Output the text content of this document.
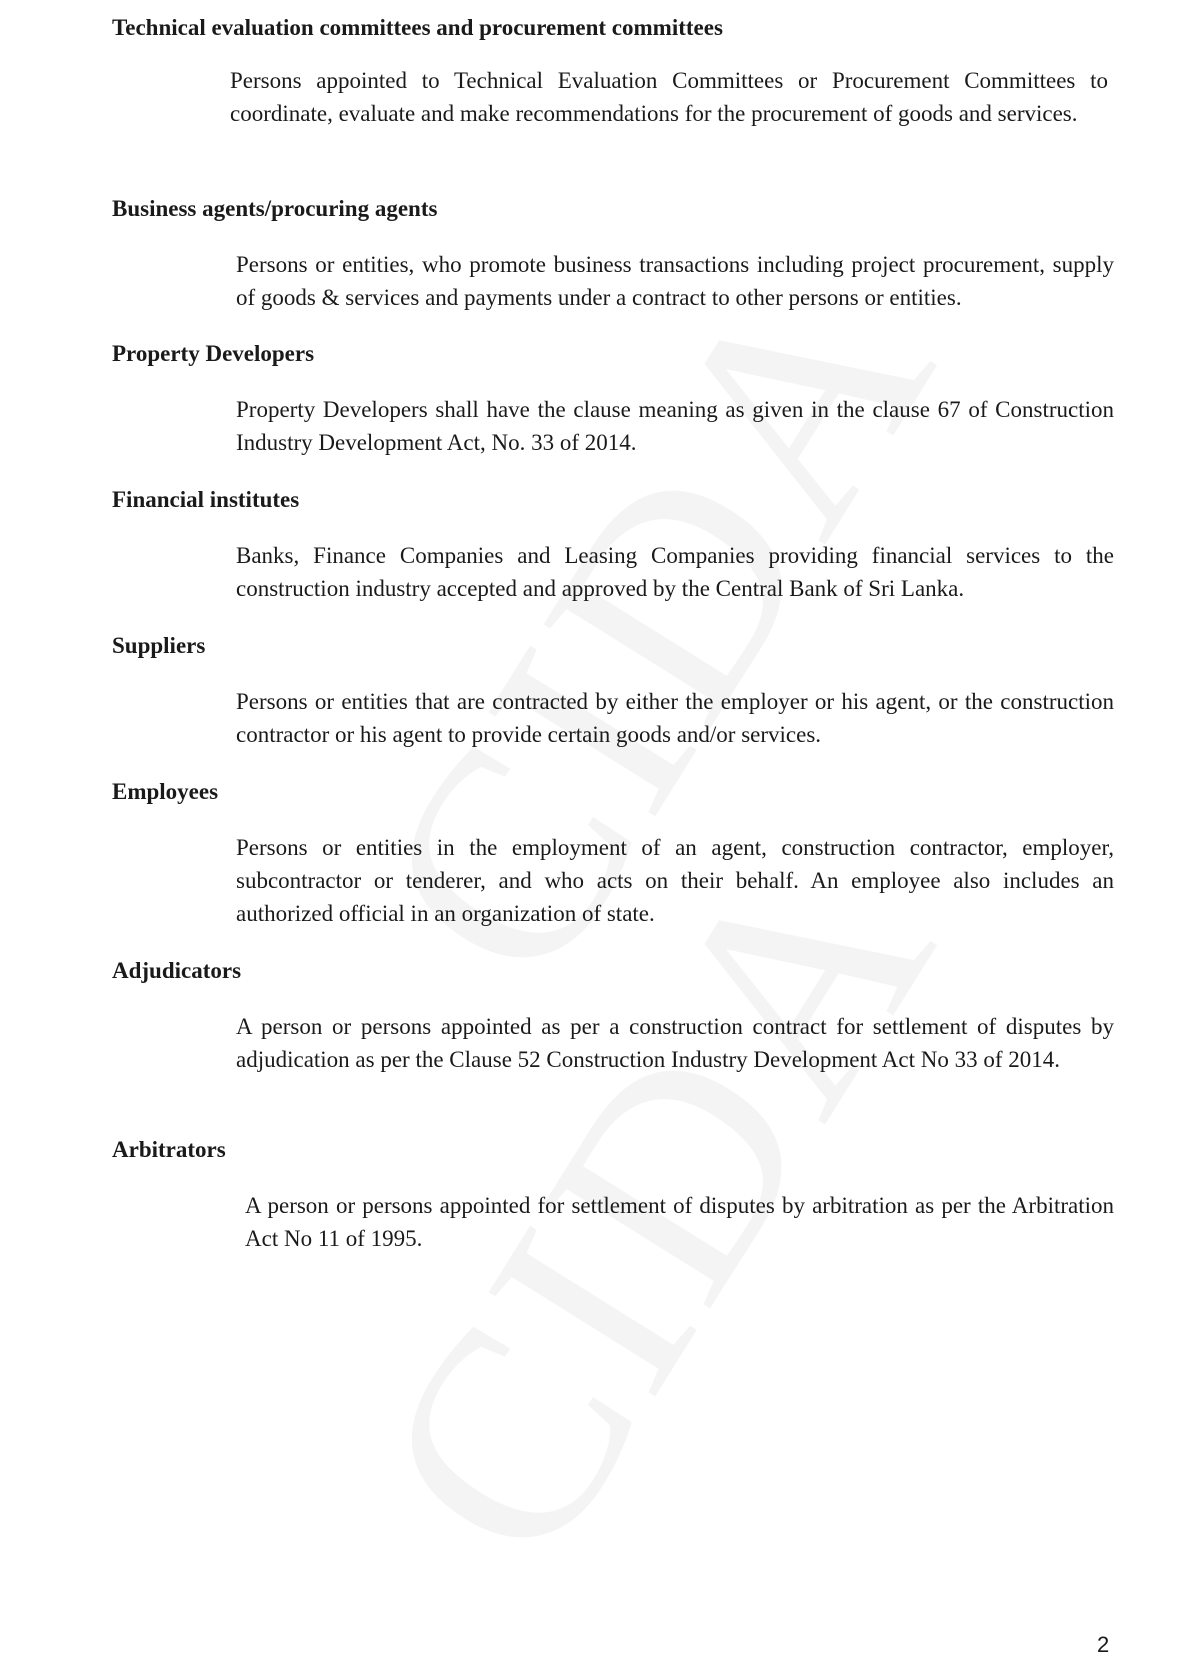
Technical evaluation committees and procurement committees
Persons appointed to Technical Evaluation Committees or Procurement Committees to coordinate, evaluate and make recommendations for the procurement of goods and services.
Business agents/procuring agents
Persons or entities, who promote business transactions including project procurement, supply of goods & services and payments under a contract to other persons or entities.
Property Developers
Property Developers shall have the clause meaning as given in the clause 67 of Construction Industry Development Act, No. 33 of 2014.
Financial institutes
Banks, Finance Companies and Leasing Companies providing financial services to the construction industry accepted and approved by the Central Bank of Sri Lanka.
Suppliers
Persons or entities that are contracted by either the employer or his agent, or the construction contractor or his agent to provide certain goods and/or services.
Employees
Persons or entities in the employment of an agent, construction contractor, employer, subcontractor or tenderer, and who acts on their behalf. An employee also includes an authorized official in an organization of state.
Adjudicators
A person or persons appointed as per a construction contract for settlement of disputes by adjudication as per the Clause 52 Construction Industry Development Act No 33 of 2014.
Arbitrators
A person or persons appointed for settlement of disputes by arbitration as per the Arbitration Act No 11 of 1995.
2
